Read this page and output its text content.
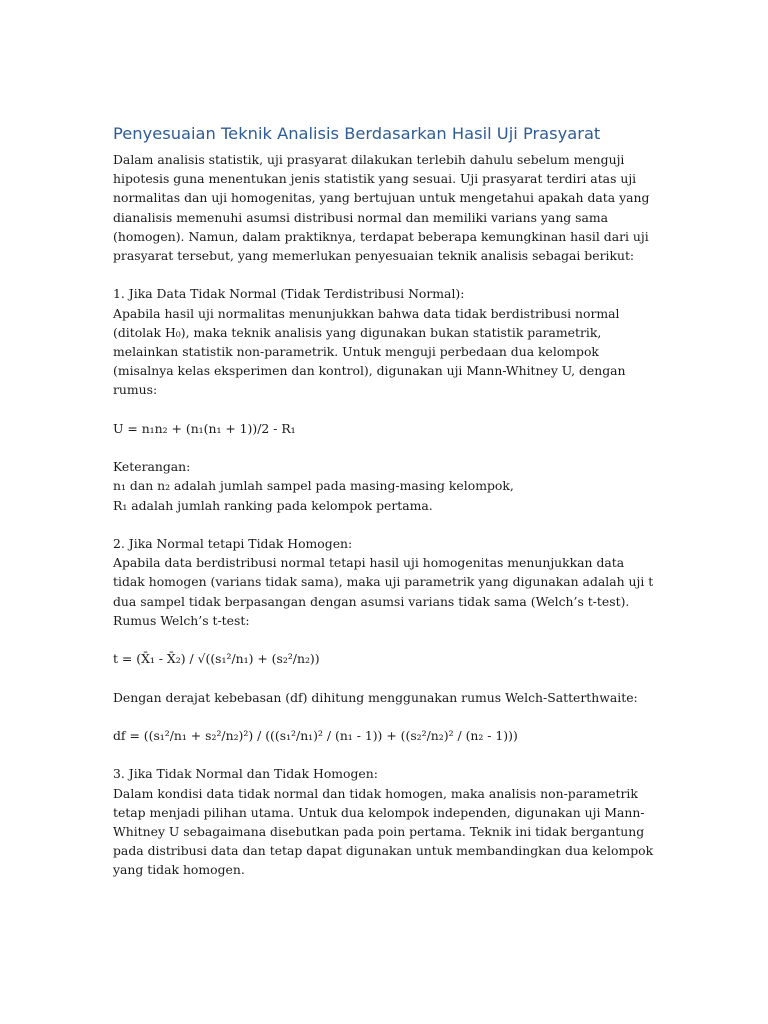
Penyesuaian Teknik Analisis Berdasarkan Hasil Uji Prasyarat

Dalam analisis statistik, uji prasyarat dilakukan terlebih dahulu sebelum menguji hipotesis guna menentukan jenis statistik yang sesuai. Uji prasyarat terdiri atas uji normalitas dan uji homogenitas, yang bertujuan untuk mengetahui apakah data yang dianalisis memenuhi asumsi distribusi normal dan memiliki varians yang sama (homogen). Namun, dalam praktiknya, terdapat beberapa kemungkinan hasil dari uji prasyarat tersebut, yang memerlukan penyesuaian teknik analisis sebagai berikut:

1. Jika Data Tidak Normal (Tidak Terdistribusi Normal):

Apabila hasil uji normalitas menunjukkan bahwa data tidak berdistribusi normal (ditolak H₀), maka teknik analisis yang digunakan bukan statistik parametrik, melainkan statistik non-parametrik. Untuk menguji perbedaan dua kelompok (misalnya kelas eksperimen dan kontrol), digunakan uji Mann-Whitney U, dengan rumus:

U = n₁n₂ + (n₁(n₁ + 1))/2 - R₁

Keterangan:

n₁ dan n₂ adalah jumlah sampel pada masing-masing kelompok,

R₁ adalah jumlah ranking pada kelompok pertama.

2. Jika Normal tetapi Tidak Homogen:

Apabila data berdistribusi normal tetapi hasil uji homogenitas menunjukkan data tidak homogen (varians tidak sama), maka uji parametrik yang digunakan adalah uji t dua sampel tidak berpasangan dengan asumsi varians tidak sama (Welch’s t-test). Rumus Welch’s t-test:

t = (X̄₁ - X̄₂) / √((s₁²/n₁) + (s₂²/n₂))

Dengan derajat kebebasan (df) dihitung menggunakan rumus Welch-Satterthwaite:

df = ((s₁²/n₁ + s₂²/n₂)²) / (((s₁²/n₁)² / (n₁ - 1)) + ((s₂²/n₂)² / (n₂ - 1)))

3. Jika Tidak Normal dan Tidak Homogen:

Dalam kondisi data tidak normal dan tidak homogen, maka analisis non-parametrik tetap menjadi pilihan utama. Untuk dua kelompok independen, digunakan uji Mann-Whitney U sebagaimana disebutkan pada poin pertama. Teknik ini tidak bergantung pada distribusi data dan tetap dapat digunakan untuk membandingkan dua kelompok yang tidak homogen.
